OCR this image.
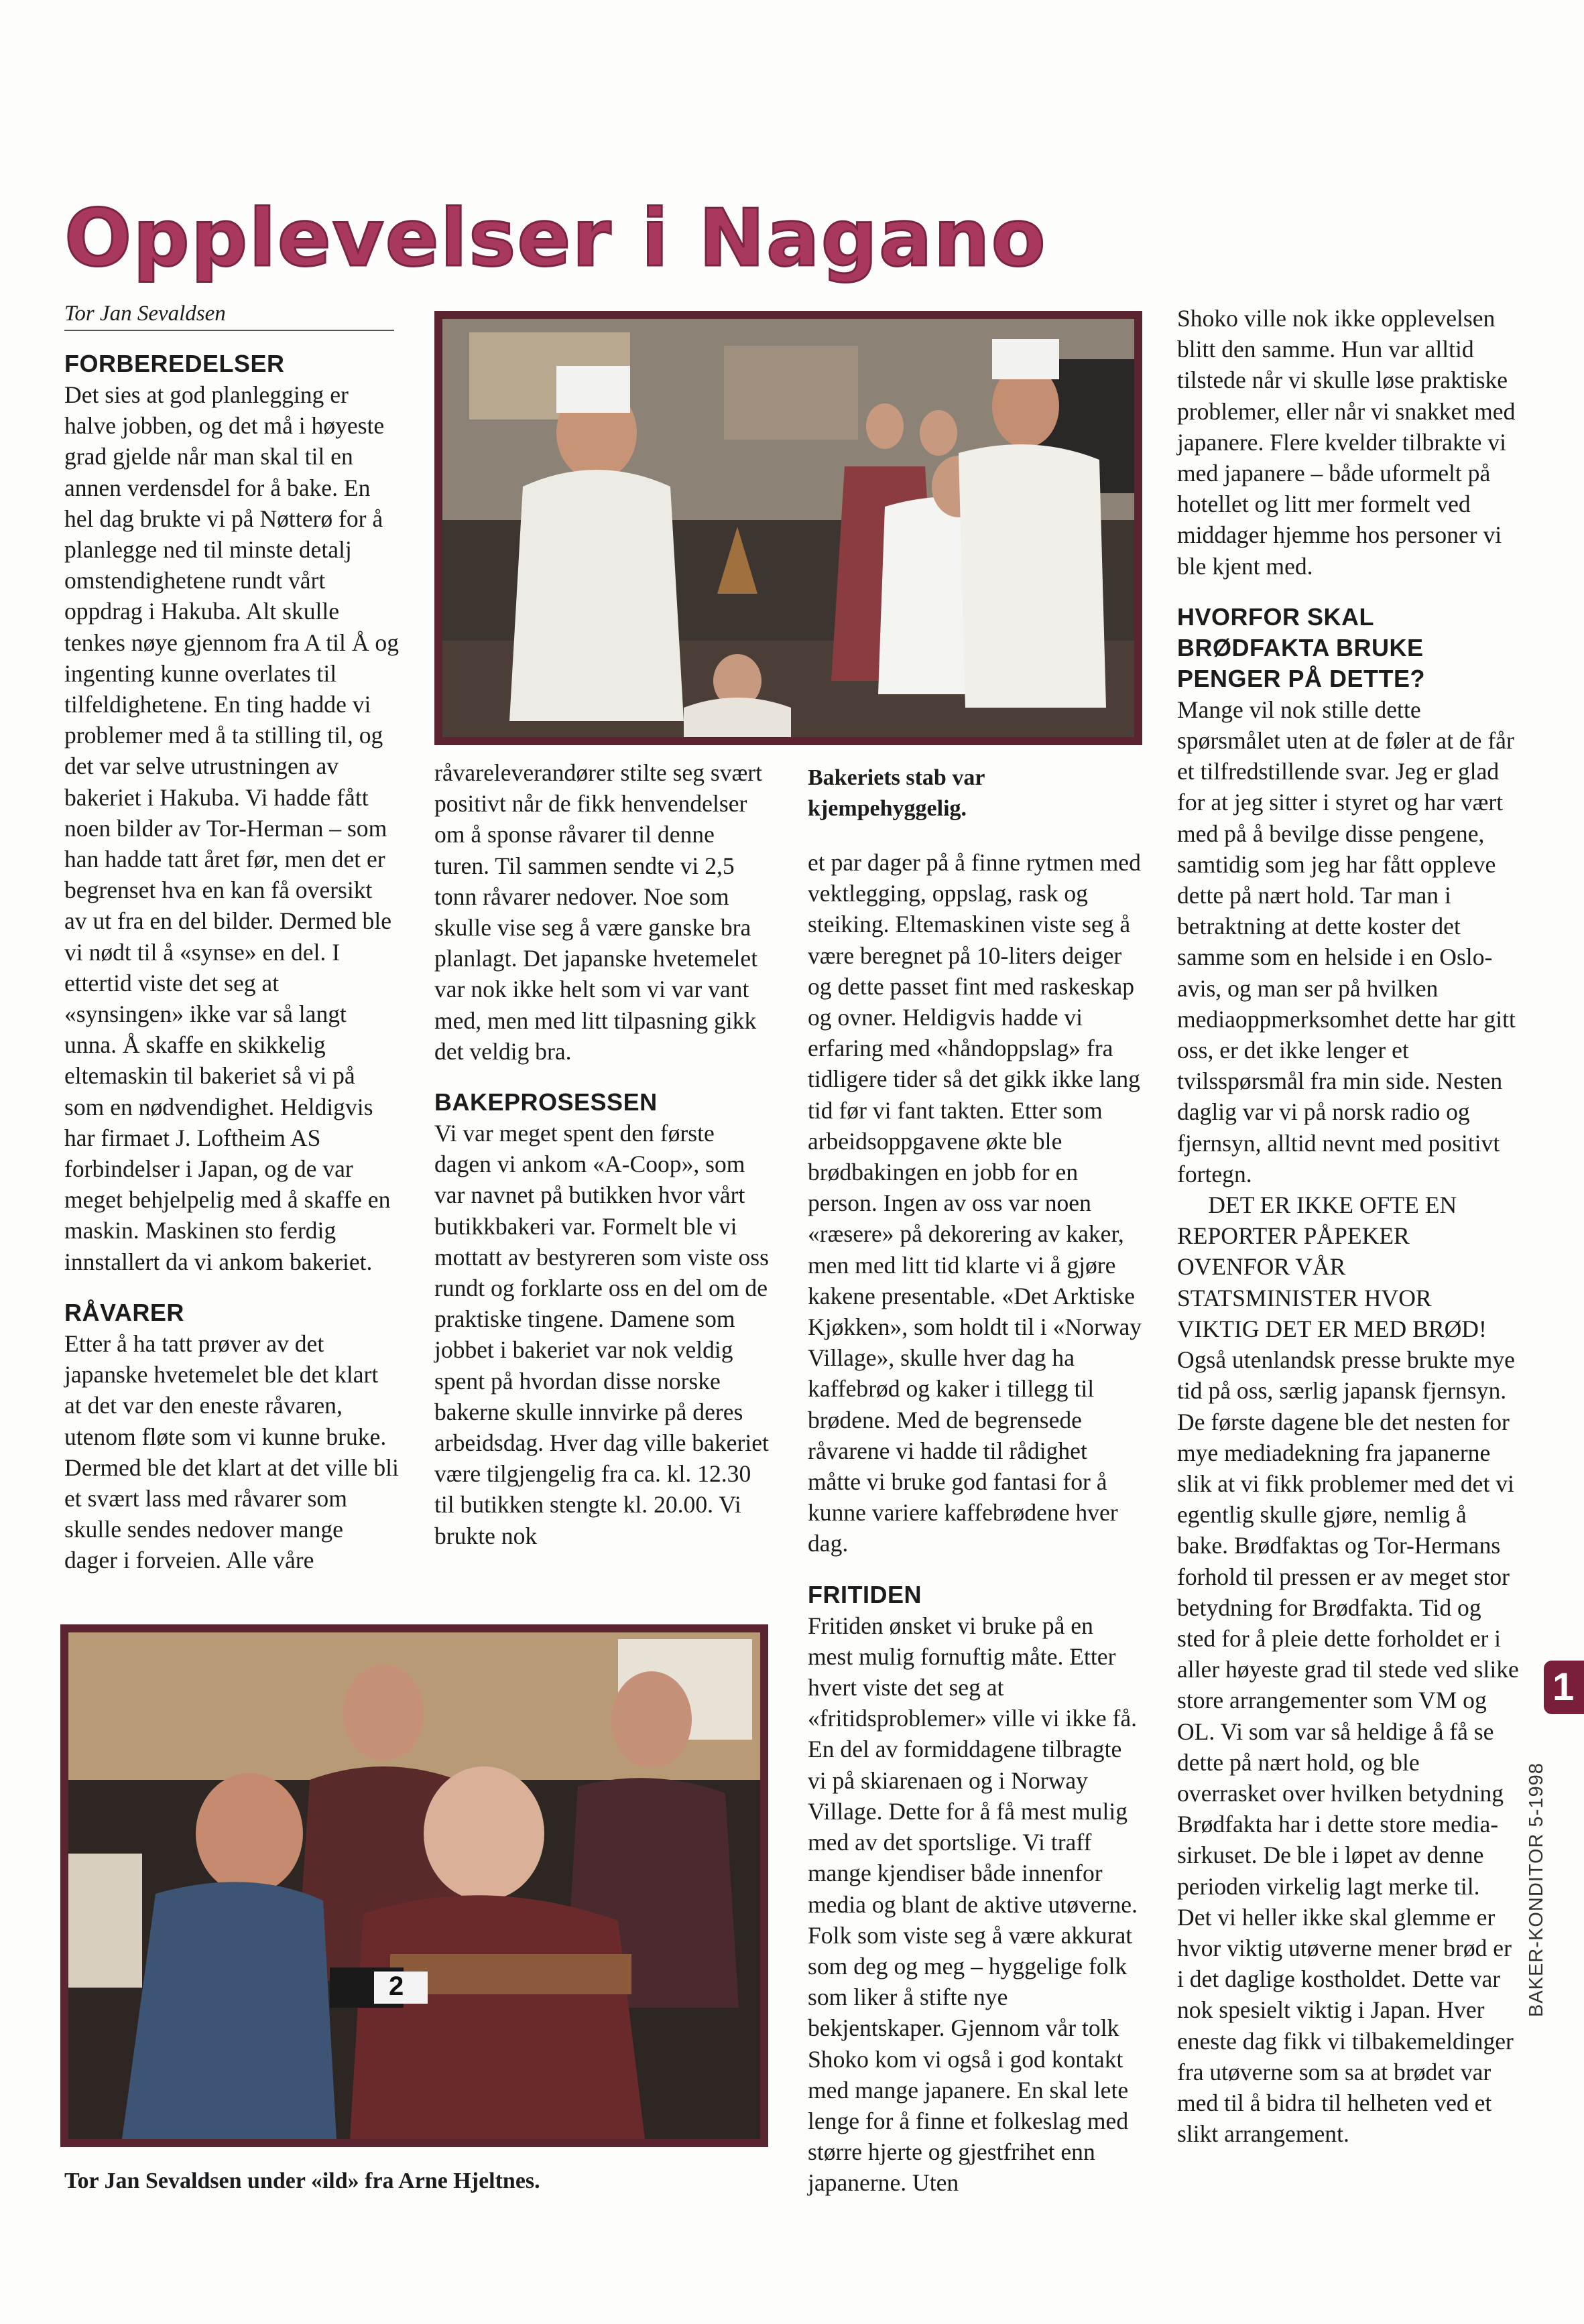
Opplevelser i Nagano
Tor Jan Sevaldsen
FORBEREDELSER

Det sies at god planlegging er halve jobben, og det må i høyeste grad gjelde når man skal til en annen verdensdel for å bake. En hel dag brukte vi på Nøtterø for å planlegge ned til minste detalj omstendighetene rundt vårt oppdrag i Hakuba. Alt skulle tenkes nøye gjennom fra A til Å og ingenting kunne overlates til tilfeldighetene. En ting hadde vi problemer med å ta stilling til, og det var selve utrustningen av bakeriet i Hakuba. Vi hadde fått noen bilder av Tor-Herman – som han hadde tatt året før, men det er begrenset hva en kan få oversikt av ut fra en del bilder. Dermed ble vi nødt til å «synse» en del. I ettertid viste det seg at «synsingen» ikke var så langt unna. Å skaffe en skikkelig eltemaskin til bakeriet så vi på som en nødvendighet. Heldigvis har firmaet J. Loftheim AS forbindelser i Japan, og de var meget behjelpelig med å skaffe en maskin. Maskinen sto ferdig innstallert da vi ankom bakeriet.

RÅVARER

Etter å ha tatt prøver av det japanske hvetemelet ble det klart at det var den eneste råvaren, utenom fløte som vi kunne bruke. Dermed ble det klart at det ville bli et svært lass med råvarer som skulle sendes nedover mange dager i forveien. Alle våre

råvareleverandører stilte seg svært positivt når de fikk henvendelser om å sponse råvarer til denne turen. Til sammen sendte vi 2,5 tonn råvarer nedover. Noe som skulle vise seg å være ganske bra planlagt. Det japanske hvetemelet var nok ikke helt som vi var vant med, men med litt tilpasning gikk det veldig bra.

BAKEPROSESSEN

Vi var meget spent den første dagen vi ankom «A-Coop», som var navnet på butikken hvor vårt butikkbakeri var. Formelt ble vi mottatt av bestyreren som viste oss rundt og forklarte oss en del om de praktiske tingene. Damene som jobbet i bakeriet var nok veldig spent på hvordan disse norske bakerne skulle innvirke på deres arbeidsdag. Hver dag ville bakeriet være tilgjengelig fra ca. kl. 12.30 til butikken stengte kl. 20.00. Vi brukte nok

Bakeriets stab var kjempehyggelig.

et par dager på å finne rytmen med vektlegging, oppslag, rask og steiking. Eltemaskinen viste seg å være beregnet på 10-liters deiger og dette passet fint med raskeskap og ovner. Heldigvis hadde vi erfaring med «håndoppslag» fra tidligere tider så det gikk ikke lang tid før vi fant takten. Etter som arbeidsoppgavene økte ble brødbakingen en jobb for en person. Ingen av oss var noen «ræsere» på dekorering av kaker, men med litt tid klarte vi å gjøre kakene presentable. «Det Arktiske Kjøkken», som holdt til i «Norway Village», skulle hver dag ha kaffebrød og kaker i tillegg til brødene. Med de begrensede råvarene vi hadde til rådighet måtte vi bruke god fantasi for å kunne variere kaffebrødene hver dag.

FRITIDEN

Fritiden ønsket vi bruke på en mest mulig fornuftig måte. Etter hvert viste det seg at «fritidsproblemer» ville vi ikke få. En del av formiddagene tilbragte vi på skiarenaen og i Norway Village. Dette for å få mest mulig med av det sportslige. Vi traff mange kjendiser både innenfor media og blant de aktive utøverne. Folk som viste seg å være akkurat som deg og meg – hyggelige folk som liker å stifte nye bekjentskaper. Gjennom vår tolk Shoko kom vi også i god kontakt med mange japanere. En skal lete lenge for å finne et folkeslag med større hjerte og gjestfrihet enn japanerne. Uten

Shoko ville nok ikke opplevelsen blitt den samme. Hun var alltid tilstede når vi skulle løse praktiske problemer, eller når vi snakket med japanere. Flere kvelder tilbrakte vi med japanere – både uformelt på hotellet og litt mer formelt ved middager hjemme hos personer vi ble kjent med.

HVORFOR SKAL BRØDFAKTA BRUKE PENGER PÅ DETTE?

Mange vil nok stille dette spørsmålet uten at de føler at de får et tilfredstillende svar. Jeg er glad for at jeg sitter i styret og har vært med på å bevilge disse pengene, samtidig som jeg har fått oppleve dette på nært hold. Tar man i betraktning at dette koster det samme som en helside i en Oslo-avis, og man ser på hvilken mediaoppmerksomhet dette har gitt oss, er det ikke lenger et tvilsspørsmål fra min side. Nesten daglig var vi på norsk radio og fjernsyn, alltid nevnt med positivt fortegn.

DET ER IKKE OFTE EN REPORTER PÅPEKER OVENFOR VÅR STATSMINISTER HVOR VIKTIG DET ER MED BRØD! Også utenlandsk presse brukte mye tid på oss, særlig japansk fjernsyn. De første dagene ble det nesten for mye mediadekning fra japanerne slik at vi fikk problemer med det vi egentlig skulle gjøre, nemlig å bake. Brødfaktas og Tor-Hermans forhold til pressen er av meget stor betydning for Brødfakta. Tid og sted for å pleie dette forholdet er i aller høyeste grad til stede ved slike store arrangementer som VM og OL. Vi som var så heldige å få se dette på nært hold, og ble overrasket over hvilken betydning Brødfakta har i dette store media-sirkuset. De ble i løpet av denne perioden virkelig lagt merke til. Det vi heller ikke skal glemme er hvor viktig utøverne mener brød er i det daglige kostholdet. Dette var nok spesielt viktig i Japan. Hver eneste dag fikk vi tilbakemeldinger fra utøverne som sa at brødet var med til å bidra til helheten ved et slikt arrangement.

2
Tor Jan Sevaldsen under «ild» fra Arne Hjeltnes.
1
BAKER-KONDITOR 5-1998
